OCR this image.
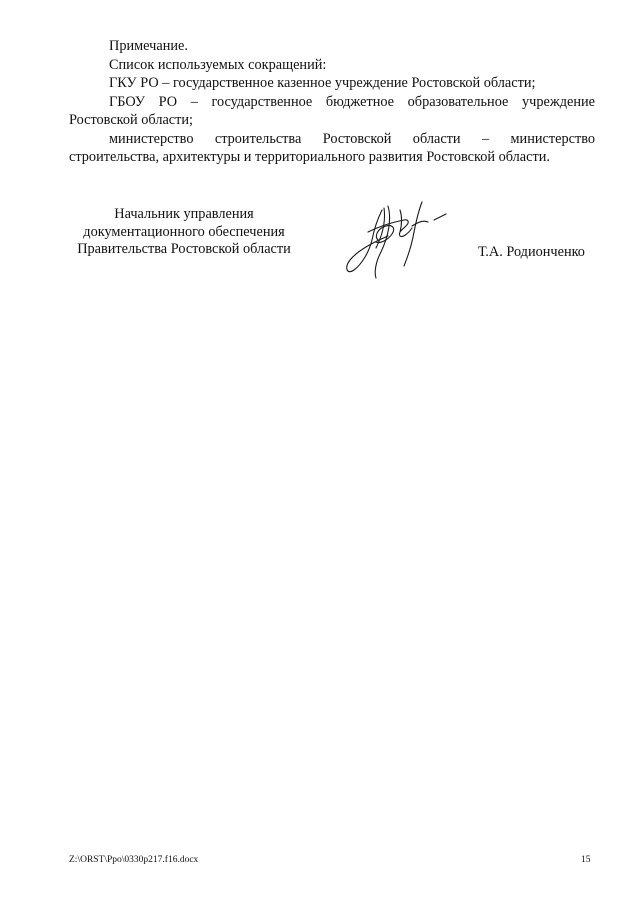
Примечание.
Список используемых сокращений:
ГКУ РО – государственное казенное учреждение Ростовской области;
ГБОУ РО – государственное бюджетное образовательное учреждение
Ростовской области;
министерство строительства Ростовской области – министерство
строительства, архитектуры и территориального развития Ростовской области.
Начальник управления
документационного обеспечения
Правительства Ростовской области	Т.А. Родионченко
Z:\ORST\Ppo\0330p217.f16.docx	15
